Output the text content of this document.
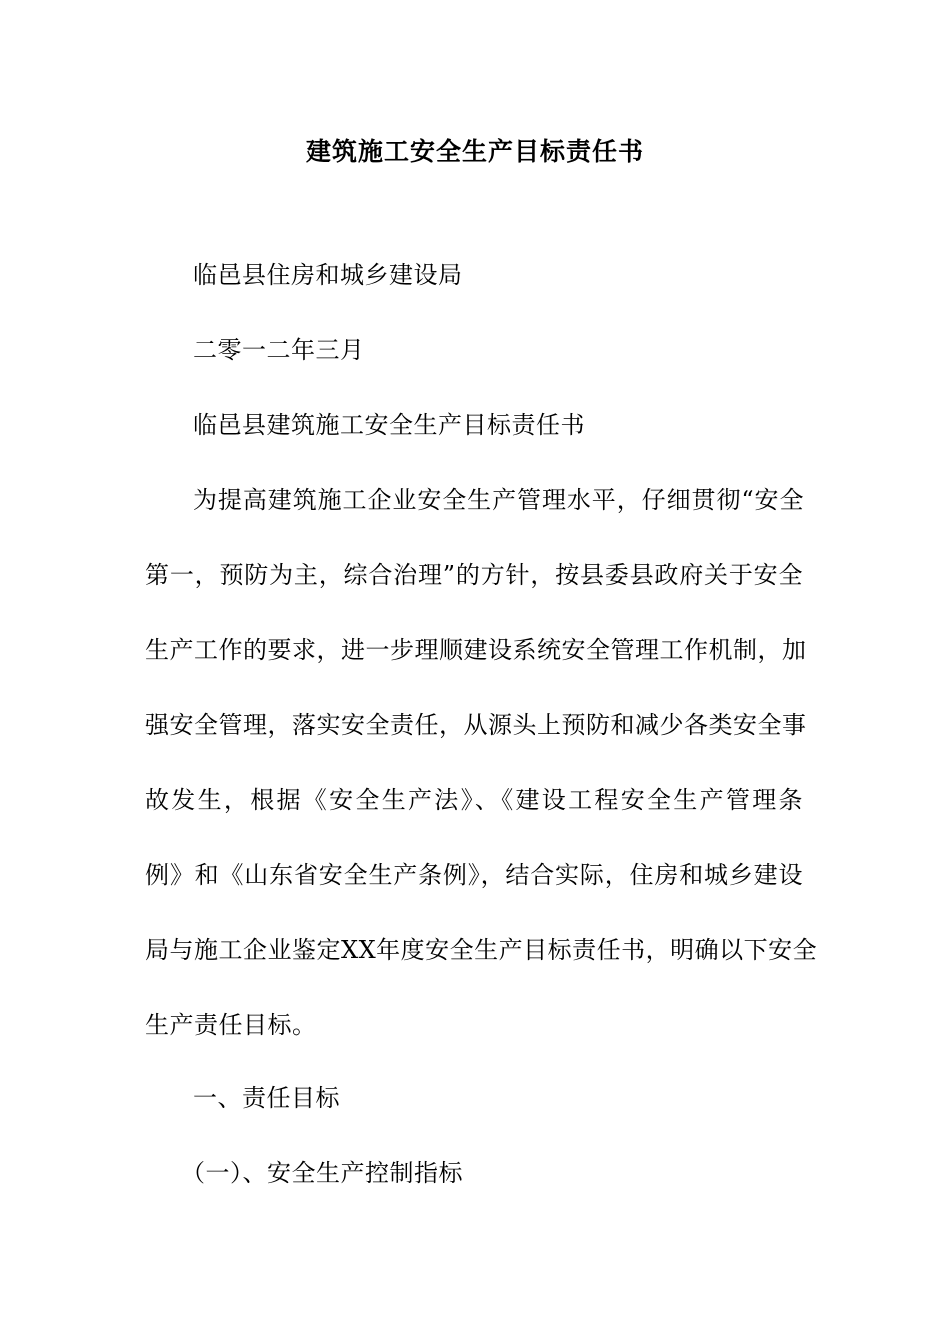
建筑施工安全生产目标责任书
临邑县住房和城乡建设局
二零一二年三月
临邑县建筑施工安全生产目标责任书
为提高建筑施工企业安全生产管理水平，仔细贯彻“安全
第一，预防为主，综合治理”的方针，按县委县政府关于安全
生产工作的要求，进一步理顺建设系统安全管理工作机制，加
强安全管理，落实安全责任，从源头上预防和减少各类安全事
故发生，根据《安全生产法》、《建设工程安全生产管理条
例》和《山东省安全生产条例》，结合实际，住房和城乡建设
局与施工企业鉴定XX年度安全生产目标责任书，明确以下安全
生产责任目标。
一、责任目标
（一）、安全生产控制指标
